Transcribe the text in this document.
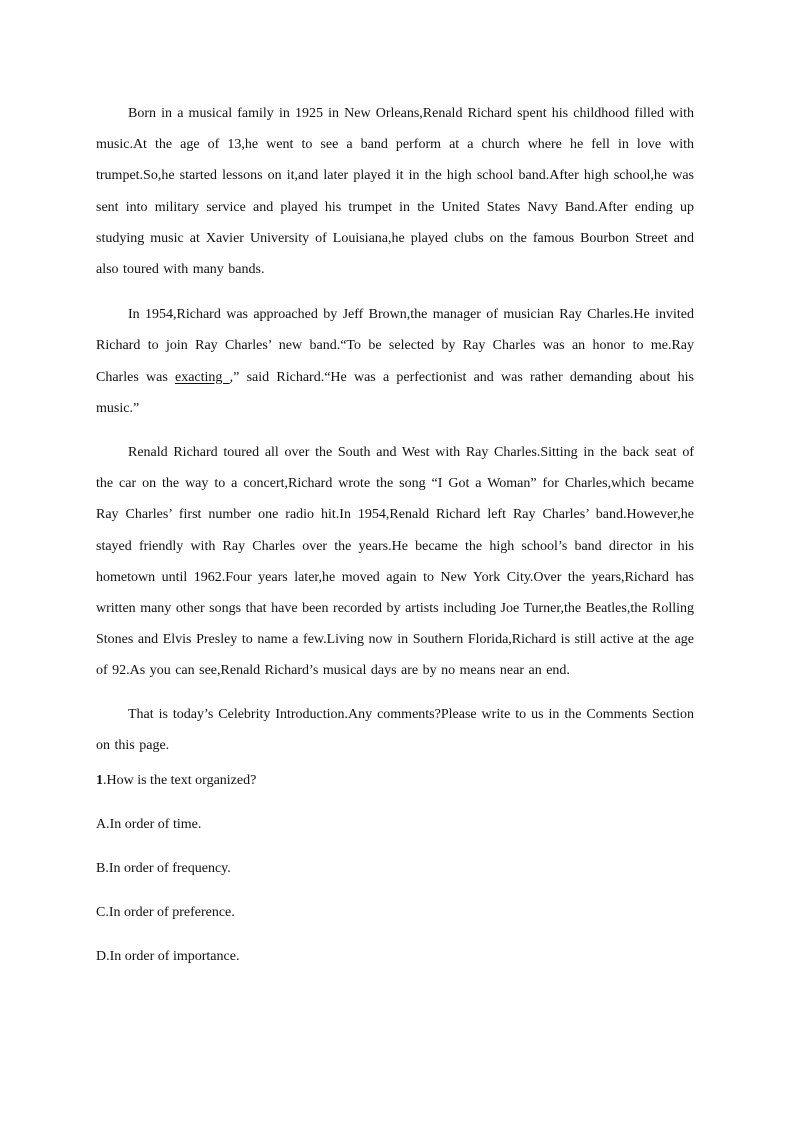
Born in a musical family in 1925 in New Orleans,Renald Richard spent his childhood filled with music.At the age of 13,he went to see a band perform at a church where he fell in love with trumpet.So,he started lessons on it,and later played it in the high school band.After high school,he was sent into military service and played his trumpet in the United States Navy Band.After ending up studying music at Xavier University of Louisiana,he played clubs on the famous Bourbon Street and also toured with many bands.

In 1954,Richard was approached by Jeff Brown,the manager of musician Ray Charles.He invited Richard to join Ray Charles’ new band.“To be selected by Ray Charles was an honor to me.Ray Charles was exacting ,” said Richard.“He was a perfectionist and was rather demanding about his music.”

Renald Richard toured all over the South and West with Ray Charles.Sitting in the back seat of the car on the way to a concert,Richard wrote the song “I Got a Woman” for Charles,which became Ray Charles’ first number one radio hit.In 1954,Renald Richard left Ray Charles’ band.However,he stayed friendly with Ray Charles over the years.He became the high school’s band director in his hometown until 1962.Four years later,he moved again to New York City.Over the years,Richard has written many other songs that have been recorded by artists including Joe Turner,the Beatles,the Rolling Stones and Elvis Presley to name a few.Living now in Southern Florida,Richard is still active at the age of 92.As you can see,Renald Richard’s musical days are by no means near an end.

That is today’s Celebrity Introduction.Any comments?Please write to us in the Comments Section on this page.

1.How is the text organized?

A.In order of time.

B.In order of frequency.

C.In order of preference.

D.In order of importance.
